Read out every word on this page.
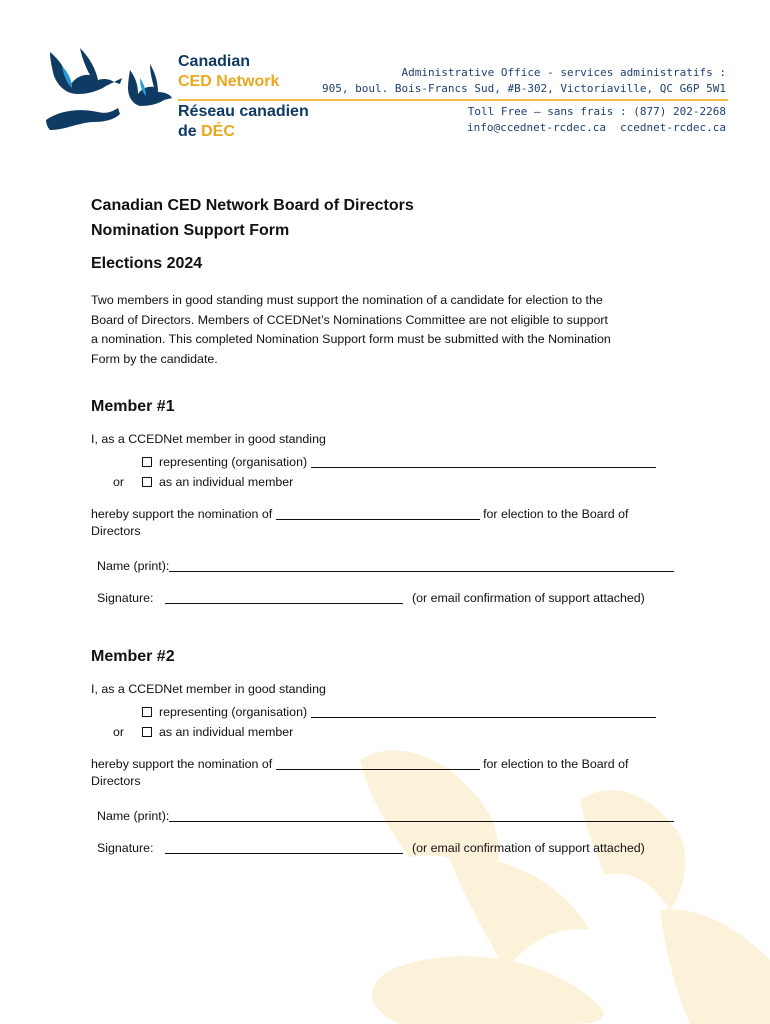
Canadian
CED Network
Réseau canadien
de DÉC
Administrative Office - services administratifs :
905, boul. Bois-Francs Sud, #B-302, Victoriaville, QC G6P 5W1
Toll Free – sans frais : (877) 202-2268
info@ccednet-rcdec.ca ccednet-rcdec.ca
Canadian CED Network Board of Directors
Nomination Support Form
Elections 2024
Two members in good standing must support the nomination of a candidate for election to the
Board of Directors. Members of CCEDNet’s Nominations Committee are not eligible to support
a nomination. This completed Nomination Support form must be submitted with the Nomination
Form by the candidate.
Member #1
I, as a CCEDNet member in good standing
representing (organisation)
or	as an individual member
hereby support the nomination of	for election to the Board of
Directors
Name (print):
Signature:	(or email confirmation of support attached)
Member #2
I, as a CCEDNet member in good standing
representing (organisation)
or	as an individual member
hereby support the nomination of	for election to the Board of
Directors
Name (print):
Signature:	(or email confirmation of support attached)
